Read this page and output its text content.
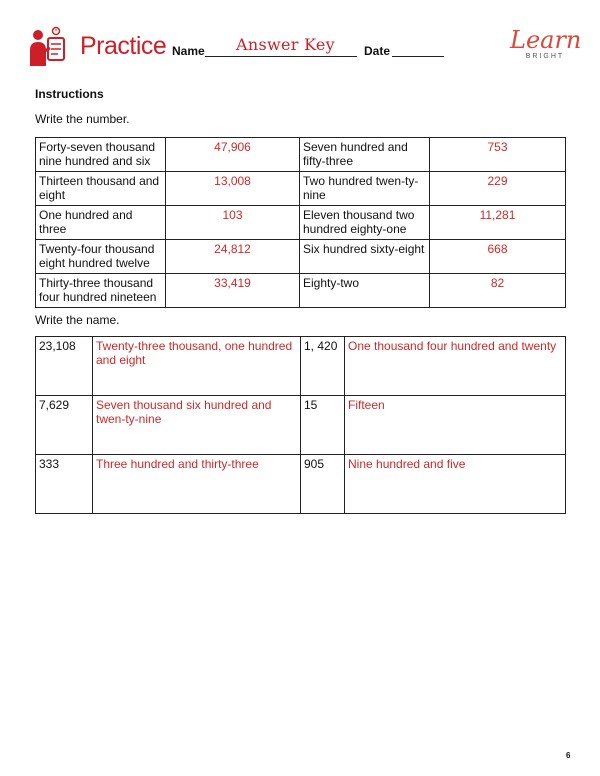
Practice Name Answer Key Date	Learn
BRIGHT
Instructions
Write the number.
Forty-seven thousand nine hundred and six	47,906	Seven hundred and fifty-three	753
Thirteen thousand and eight	13,008	Two hundred twen-ty-nine	229
One hundred and three	103	Eleven thousand two hundred eighty-one	11,281
Twenty-four thousand eight hundred twelve	24,812	Six hundred sixty-eight	668
Thirty-three thousand four hundred nineteen	33,419	Eighty-two	82
Write the name.
23,108	Twenty-three thousand, one hundred and eight	1, 420	One thousand four hundred and twenty
7,629	Seven thousand six hundred and twen-ty-nine	15	Fifteen
333	Three hundred and thirty-three	905	Nine hundred and five
6
